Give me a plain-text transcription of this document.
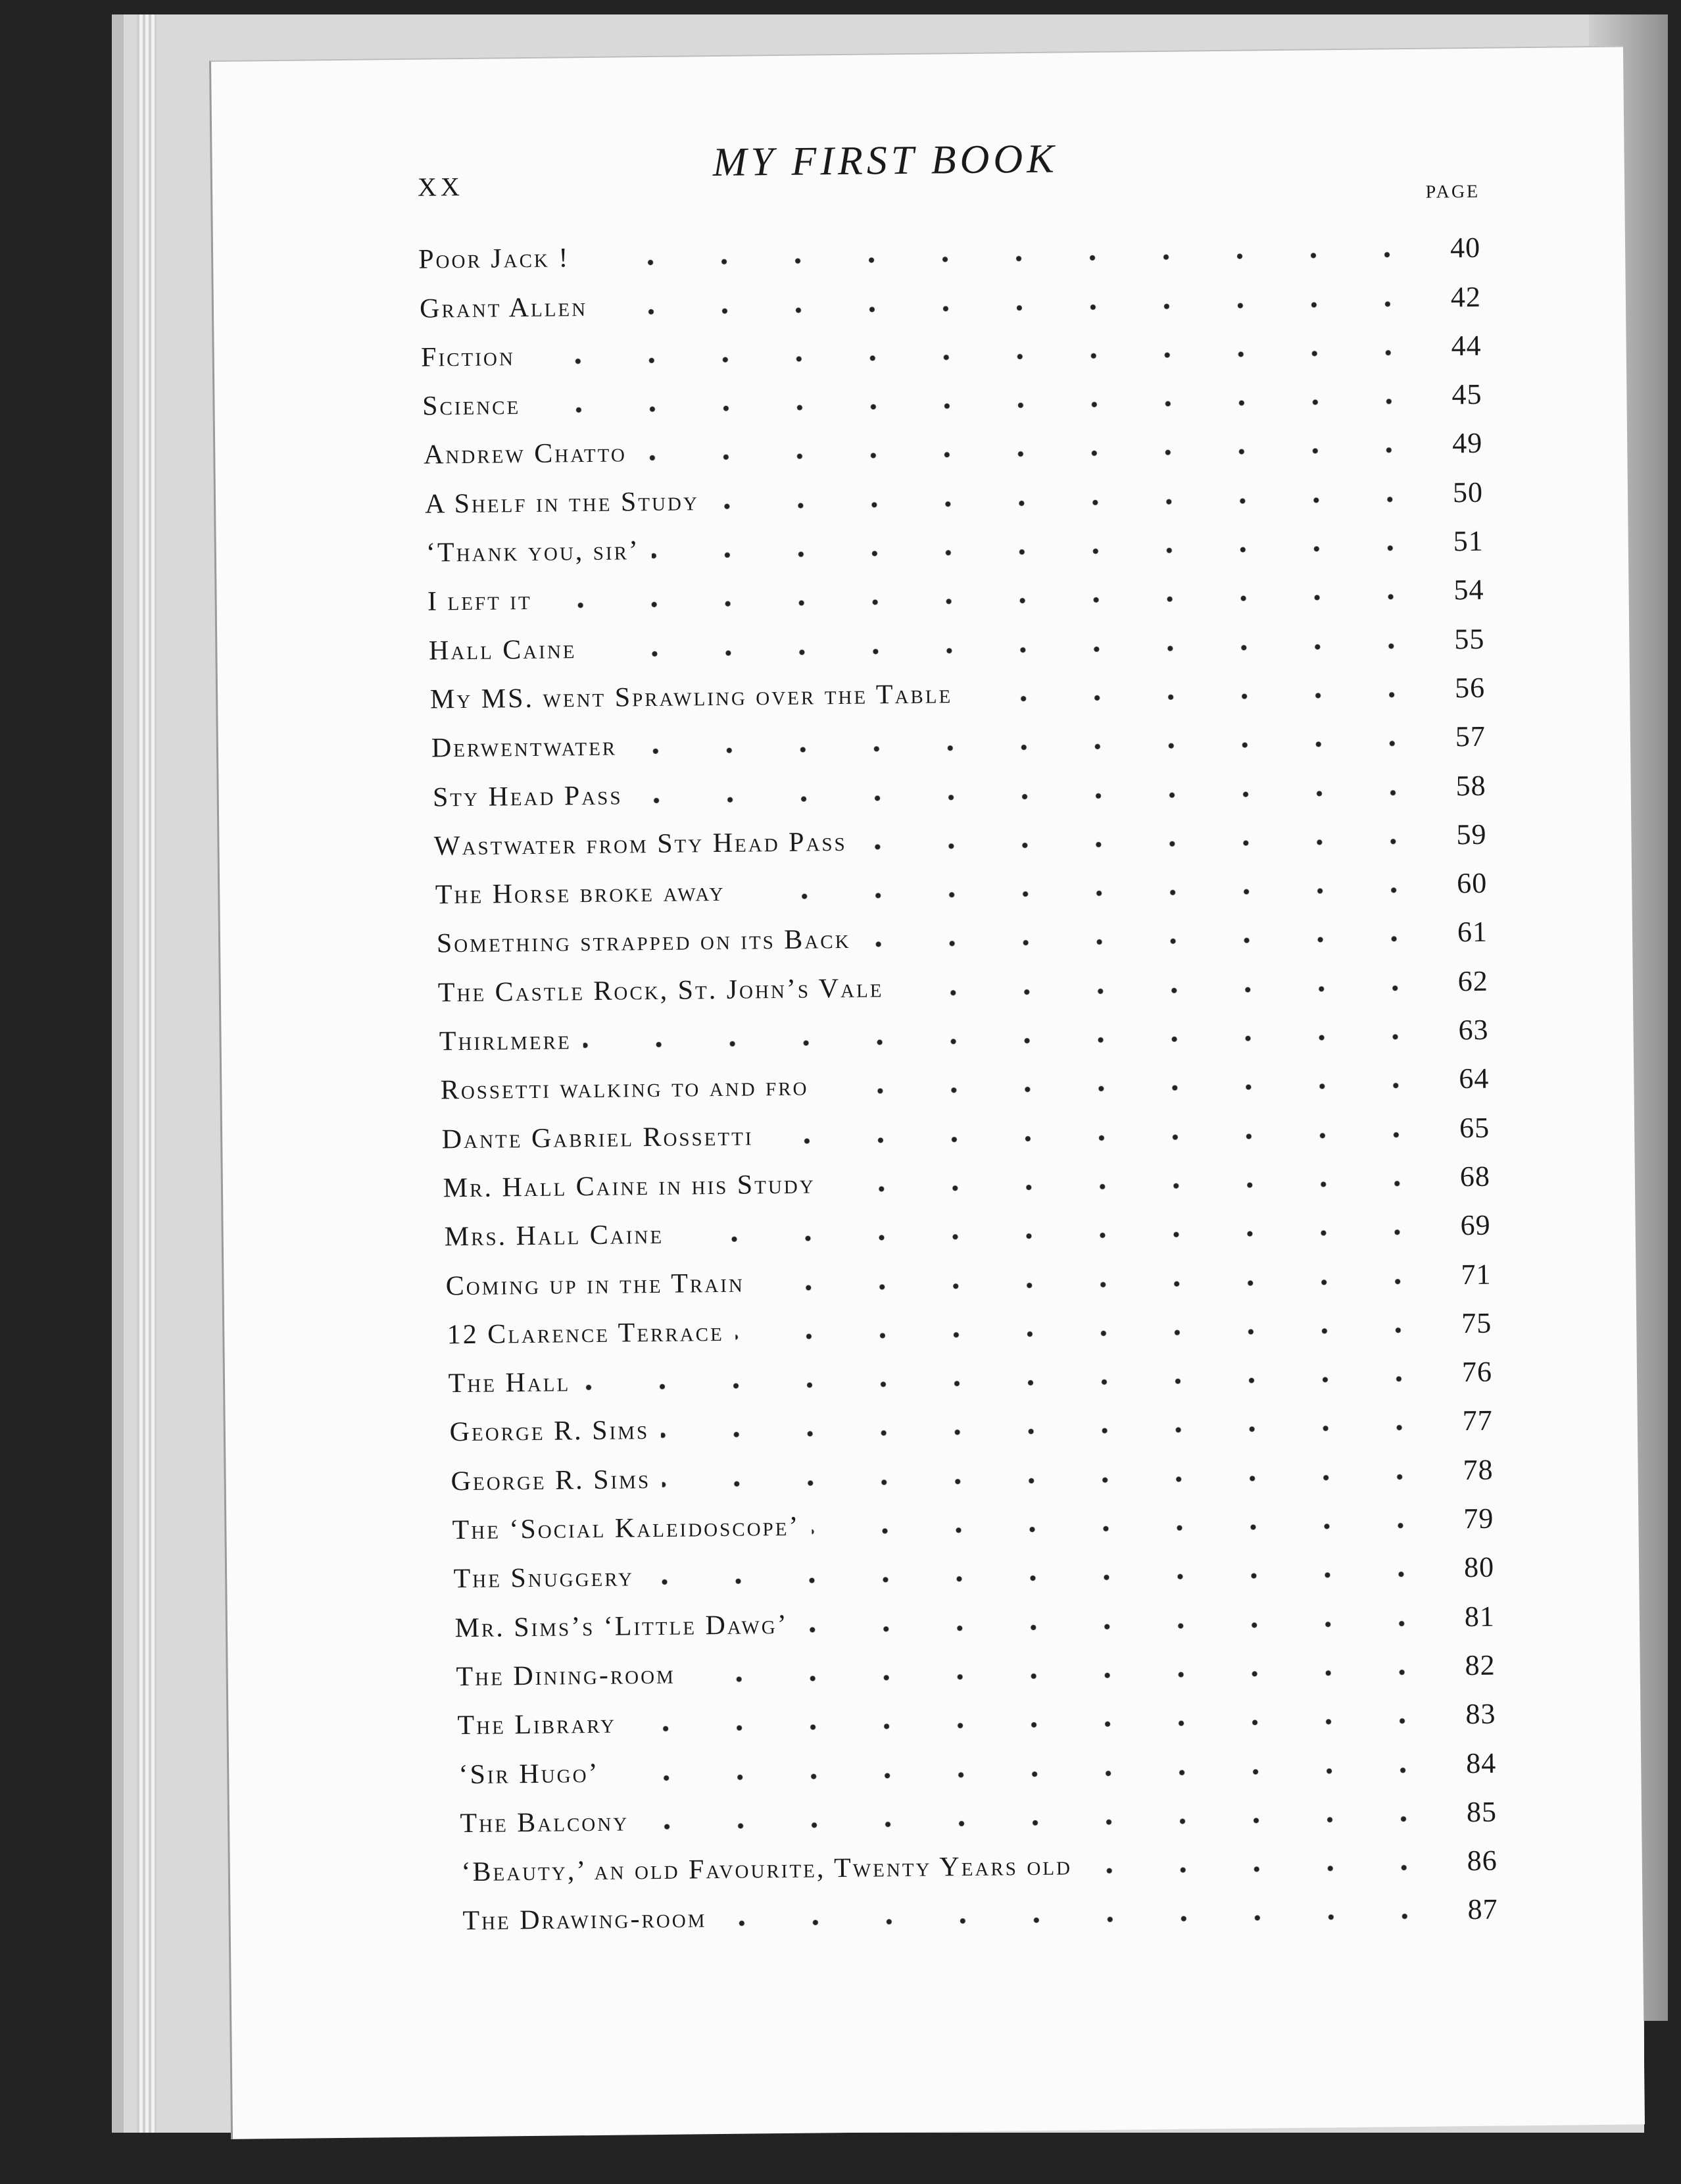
XX
MY FIRST BOOK
PAGE
Poor Jack !	40
Grant Allen	42
Fiction	44
Science	45
Andrew Chatto	49
A Shelf in the Study	50
‘Thank you, sir’	51
I left it	54
Hall Caine	55
My MS. went Sprawling over the Table	56
Derwentwater	57
Sty Head Pass	58
Wastwater from Sty Head Pass	59
The Horse broke away	60
Something strapped on its Back	61
The Castle Rock, St. John’s Vale	62
Thirlmere	63
Rossetti walking to and fro	64
Dante Gabriel Rossetti	65
Mr. Hall Caine in his Study	68
Mrs. Hall Caine	69
Coming up in the Train	71
12 Clarence Terrace	75
The Hall	76
George R. Sims	77
George R. Sims	78
The ‘Social Kaleidoscope’	79
The Snuggery	80
Mr. Sims’s ‘Little Dawg’	81
The Dining-room	82
The Library	83
‘Sir Hugo’	84
The Balcony	85
‘Beauty,’ an old Favourite, Twenty Years old	86
The Drawing-room	87
